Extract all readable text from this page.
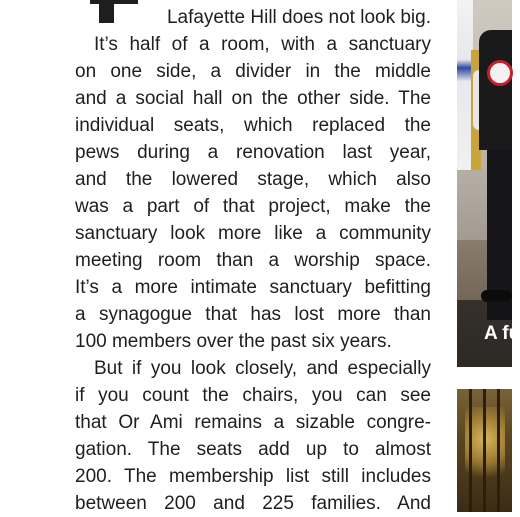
Lafayette Hill does not look big.
It’s half of a room, with a sanctuary
on one side, a divider in the middle
and a social hall on the other side. The
individual seats, which replaced the
pews during a renovation last year,
and the lowered stage, which also
was a part of that project, make the
sanctuary look more like a community
meeting room than a worship space.
It’s a more intimate sanctuary befitting
a synagogue that has lost more than
100 members over the past six years.
But if you look closely, and especially
if you count the chairs, you can see
that Or Ami remains a sizable congre-
gation. The seats add up to almost
200. The membership list still includes
between 200 and 225 families. And
A fu
